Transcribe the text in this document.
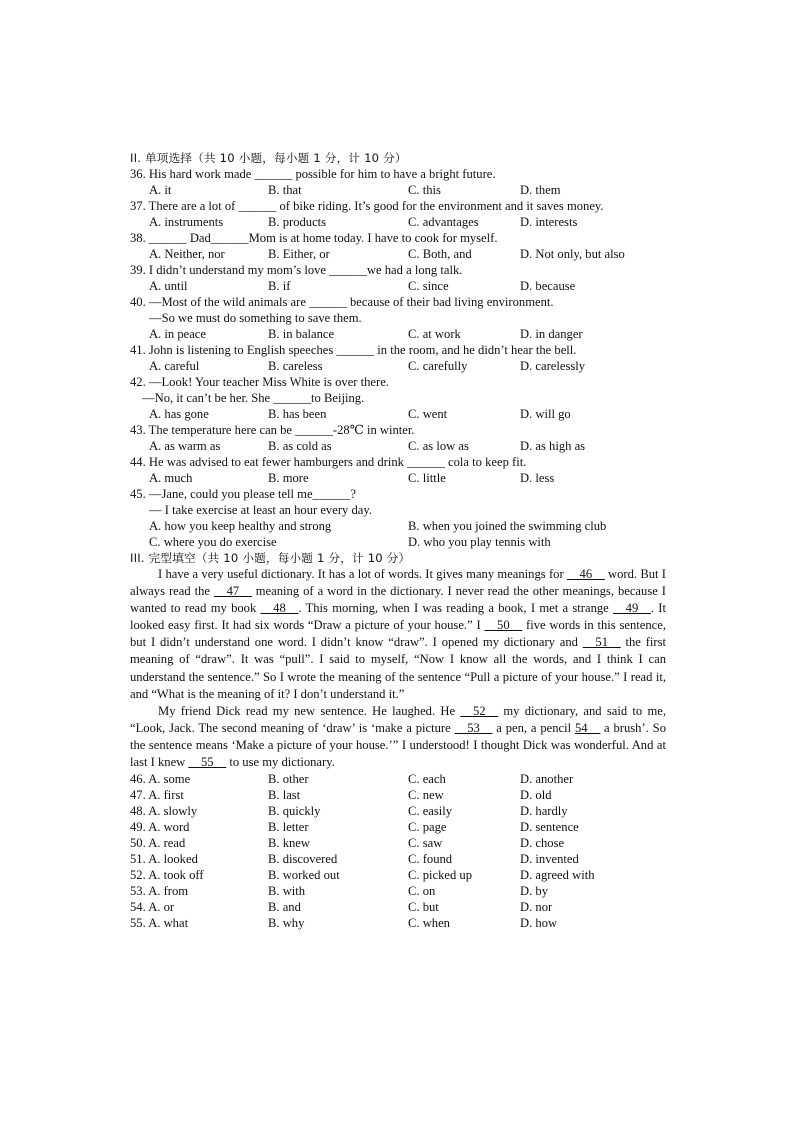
II. 单项选择（共 10 小题，每小题 1 分，计 10 分）
36. His hard work made ______ possible for him to have a bright future.
A. it	B. that	C. this	D. them
37. There are a lot of ______ of bike riding. It’s good for the environment and it saves money.
A. instruments	B. products	C. advantages	D. interests
38. ______ Dad______Mom is at home today. I have to cook for myself.
A. Neither, nor	B. Either, or	C. Both, and	D. Not only, but also
39. I didn’t understand my mom’s love ______we had a long talk.
A. until	B. if	C. since	D. because
40. —Most of the wild animals are ______ because of their bad living environment.
—So we must do something to save them.
A. in peace	B. in balance	C. at work	D. in danger
41. John is listening to English speeches ______ in the room, and he didn’t hear the bell.
A. careful	B. careless	C. carefully	D. carelessly
42. —Look! Your teacher Miss White is over there.
—No, it can’t be her. She ______to Beijing.
A. has gone	B. has been	C. went	D. will go
43. The temperature here can be ______-28℃ in winter.
A. as warm as	B. as cold as	C. as low as	D. as high as
44. He was advised to eat fewer hamburgers and drink ______ cola to keep fit.
A. much	B. more	C. little	D. less
45. —Jane, could you please tell me______?
— I take exercise at least an hour every day.
A. how you keep healthy and strong	B. when you joined the swimming club
C. where you do exercise	D. who you play tennis with
III. 完型填空（共 10 小题，每小题 1 分，计 10 分）

I have a very useful dictionary. It has a lot of words. It gives many meanings for __46__ word. But I always read the __47__ meaning of a word in the dictionary. I never read the other meanings, because I wanted to read my book __48__. This morning, when I was reading a book, I met a strange __49__. It looked easy first. It had six words “Draw a picture of your house.” I __50__ five words in this sentence, but I didn’t understand one word. I didn’t know “draw”. I opened my dictionary and __51__ the first meaning of “draw”. It was “pull”. I said to myself, “Now I know all the words, and I think I can understand the sentence.” So I wrote the meaning of the sentence “Pull a picture of your house.” I read it, and “What is the meaning of it? I don’t understand it.”

My friend Dick read my new sentence. He laughed. He __52__ my dictionary, and said to me, “Look, Jack. The second meaning of ‘draw’ is ‘make a picture __53__ a pen, a pencil 54__ a brush’. So the sentence means ‘Make a picture of your house.’” I understood! I thought Dick was wonderful. And at last I knew __55__ to use my dictionary.

46. A. some	B. other	C. each	D. another
47. A. first	B. last	C. new	D. old
48. A. slowly	B. quickly	C. easily	D. hardly
49. A. word	B. letter	C. page	D. sentence
50. A. read	B. knew	C. saw	D. chose
51. A. looked	B. discovered	C. found	D. invented
52. A. took off	B. worked out	C. picked up	D. agreed with
53. A. from	B. with	C. on	D. by
54. A. or	B. and	C. but	D. nor
55. A. what	B. why	C. when	D. how
